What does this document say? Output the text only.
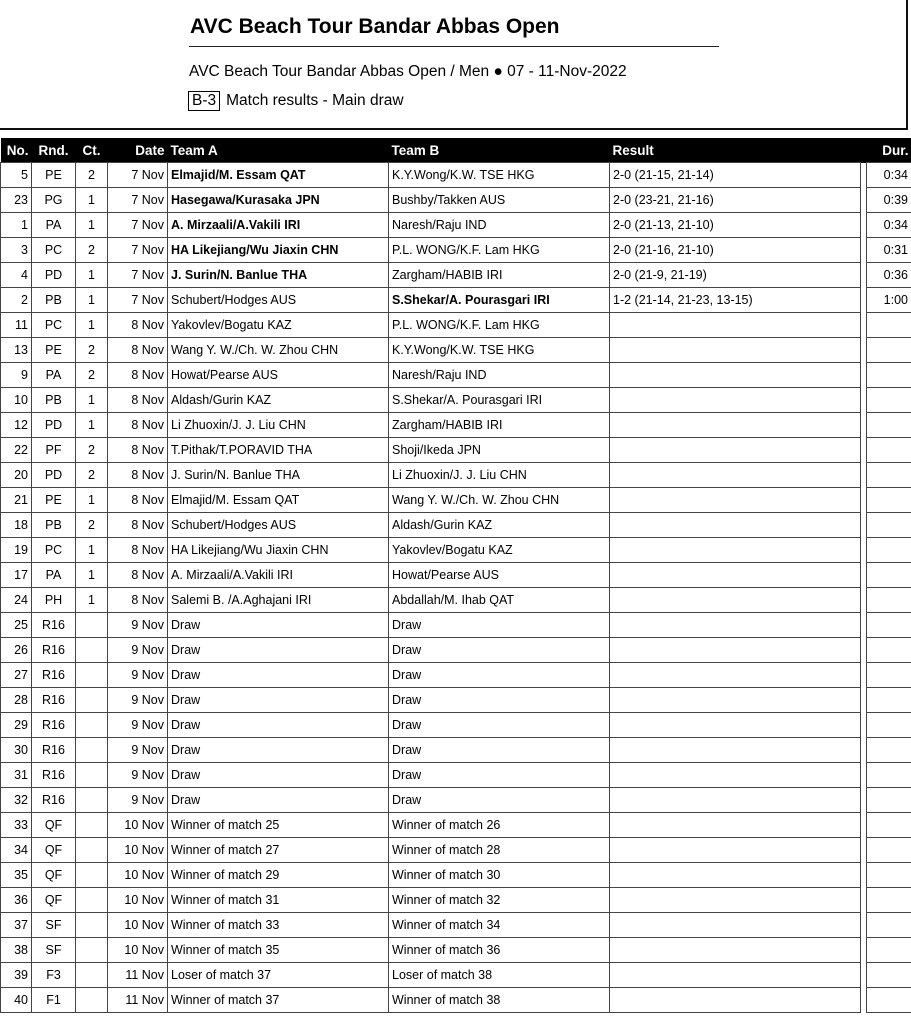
AVC Beach Tour Bandar Abbas Open
AVC Beach Tour Bandar Abbas Open / Men ● 07 - 11-Nov-2022
B-3 Match results - Main draw
No.	Rnd.	Ct.	Date	Team A	Team B	Result		Dur.
5	PE	2	7 Nov	Elmajid/M. Essam QAT	K.Y.Wong/K.W. TSE HKG	2-0 (21-15, 21-14)		0:34
23	PG	1	7 Nov	Hasegawa/Kurasaka JPN	Bushby/Takken AUS	2-0 (23-21, 21-16)		0:39
1	PA	1	7 Nov	A. Mirzaali/A.Vakili IRI	Naresh/Raju IND	2-0 (21-13, 21-10)		0:34
3	PC	2	7 Nov	HA Likejiang/Wu Jiaxin CHN	P.L. WONG/K.F. Lam HKG	2-0 (21-16, 21-10)		0:31
4	PD	1	7 Nov	J. Surin/N. Banlue THA	Zargham/HABIB IRI	2-0 (21-9, 21-19)		0:36
2	PB	1	7 Nov	Schubert/Hodges AUS	S.Shekar/A. Pourasgari IRI	1-2 (21-14, 21-23, 13-15)		1:00
11	PC	1	8 Nov	Yakovlev/Bogatu KAZ	P.L. WONG/K.F. Lam HKG			
13	PE	2	8 Nov	Wang Y. W./Ch. W. Zhou CHN	K.Y.Wong/K.W. TSE HKG			
9	PA	2	8 Nov	Howat/Pearse AUS	Naresh/Raju IND			
10	PB	1	8 Nov	Aldash/Gurin KAZ	S.Shekar/A. Pourasgari IRI			
12	PD	1	8 Nov	Li Zhuoxin/J. J. Liu CHN	Zargham/HABIB IRI			
22	PF	2	8 Nov	T.Pithak/T.PORAVID THA	Shoji/Ikeda JPN			
20	PD	2	8 Nov	J. Surin/N. Banlue THA	Li Zhuoxin/J. J. Liu CHN			
21	PE	1	8 Nov	Elmajid/M. Essam QAT	Wang Y. W./Ch. W. Zhou CHN			
18	PB	2	8 Nov	Schubert/Hodges AUS	Aldash/Gurin KAZ			
19	PC	1	8 Nov	HA Likejiang/Wu Jiaxin CHN	Yakovlev/Bogatu KAZ			
17	PA	1	8 Nov	A. Mirzaali/A.Vakili IRI	Howat/Pearse AUS			
24	PH	1	8 Nov	Salemi B. /A.Aghajani IRI	Abdallah/M. Ihab QAT			
25	R16		9 Nov	Draw	Draw			
26	R16		9 Nov	Draw	Draw			
27	R16		9 Nov	Draw	Draw			
28	R16		9 Nov	Draw	Draw			
29	R16		9 Nov	Draw	Draw			
30	R16		9 Nov	Draw	Draw			
31	R16		9 Nov	Draw	Draw			
32	R16		9 Nov	Draw	Draw			
33	QF		10 Nov	Winner of match 25	Winner of match 26			
34	QF		10 Nov	Winner of match 27	Winner of match 28			
35	QF		10 Nov	Winner of match 29	Winner of match 30			
36	QF		10 Nov	Winner of match 31	Winner of match 32			
37	SF		10 Nov	Winner of match 33	Winner of match 34			
38	SF		10 Nov	Winner of match 35	Winner of match 36			
39	F3		11 Nov	Loser of match 37	Loser of match 38			
40	F1		11 Nov	Winner of match 37	Winner of match 38			
